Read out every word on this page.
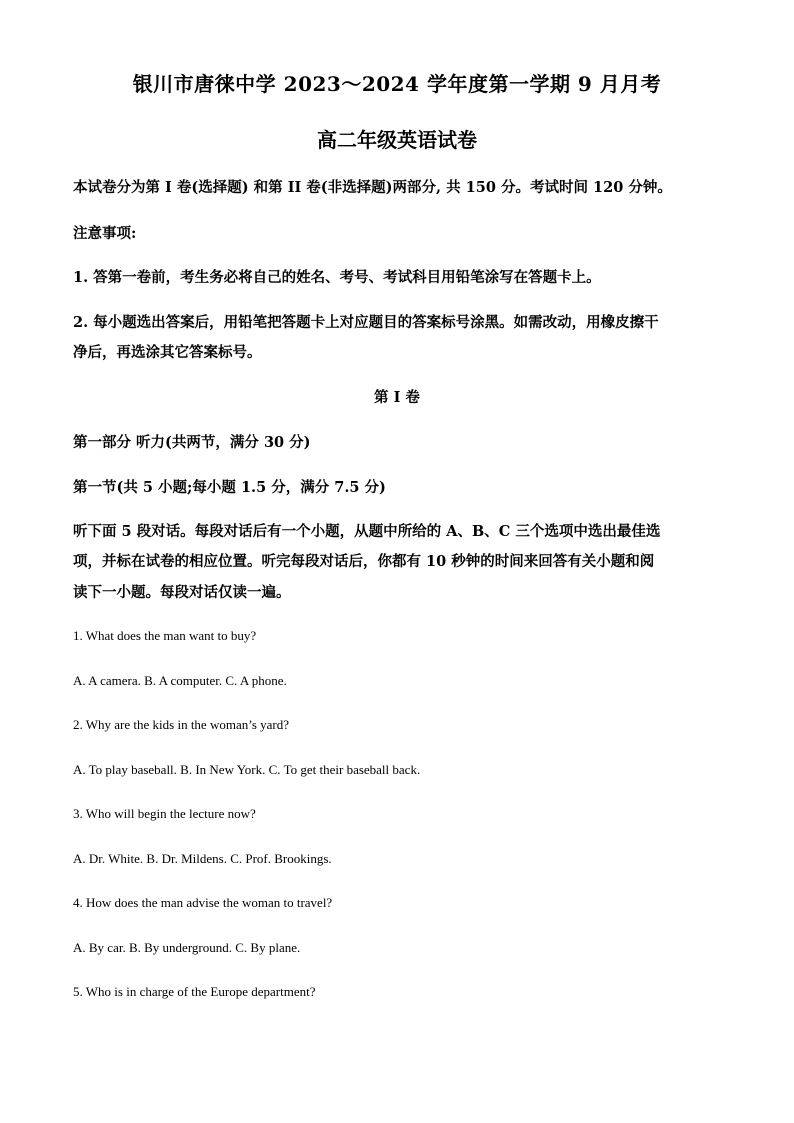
银川市唐徕中学 2023～2024 学年度第一学期 9 月月考
高二年级英语试卷
本试卷分为第 I 卷(选择题) 和第 II 卷(非选择题)两部分, 共 150 分。考试时间 120 分钟。
注意事项:
1. 答第一卷前，考生务必将自己的姓名、考号、考试科目用铅笔涂写在答题卡上。
2. 每小题选出答案后，用铅笔把答题卡上对应题目的答案标号涂黑。如需改动，用橡皮擦干
净后，再选涂其它答案标号。
第 I 卷
第一部分 听力(共两节，满分 30 分)
第一节(共 5 小题;每小题 1.5 分，满分 7.5 分)
听下面 5 段对话。每段对话后有一个小题，从题中所给的 A、B、C 三个选项中选出最佳选
项，并标在试卷的相应位置。听完每段对话后，你都有 10 秒钟的时间来回答有关小题和阅
读下一小题。每段对话仅读一遍。
1. What does the man want to buy?
A. A camera. B. A computer. C. A phone.
2. Why are the kids in the woman’s yard?
A. To play baseball. B. In New York. C. To get their baseball back.
3. Who will begin the lecture now?
A. Dr. White. B. Dr. Mildens. C. Prof. Brookings.
4. How does the man advise the woman to travel?
A. By car. B. By underground. C. By plane.
5. Who is in charge of the Europe department?
